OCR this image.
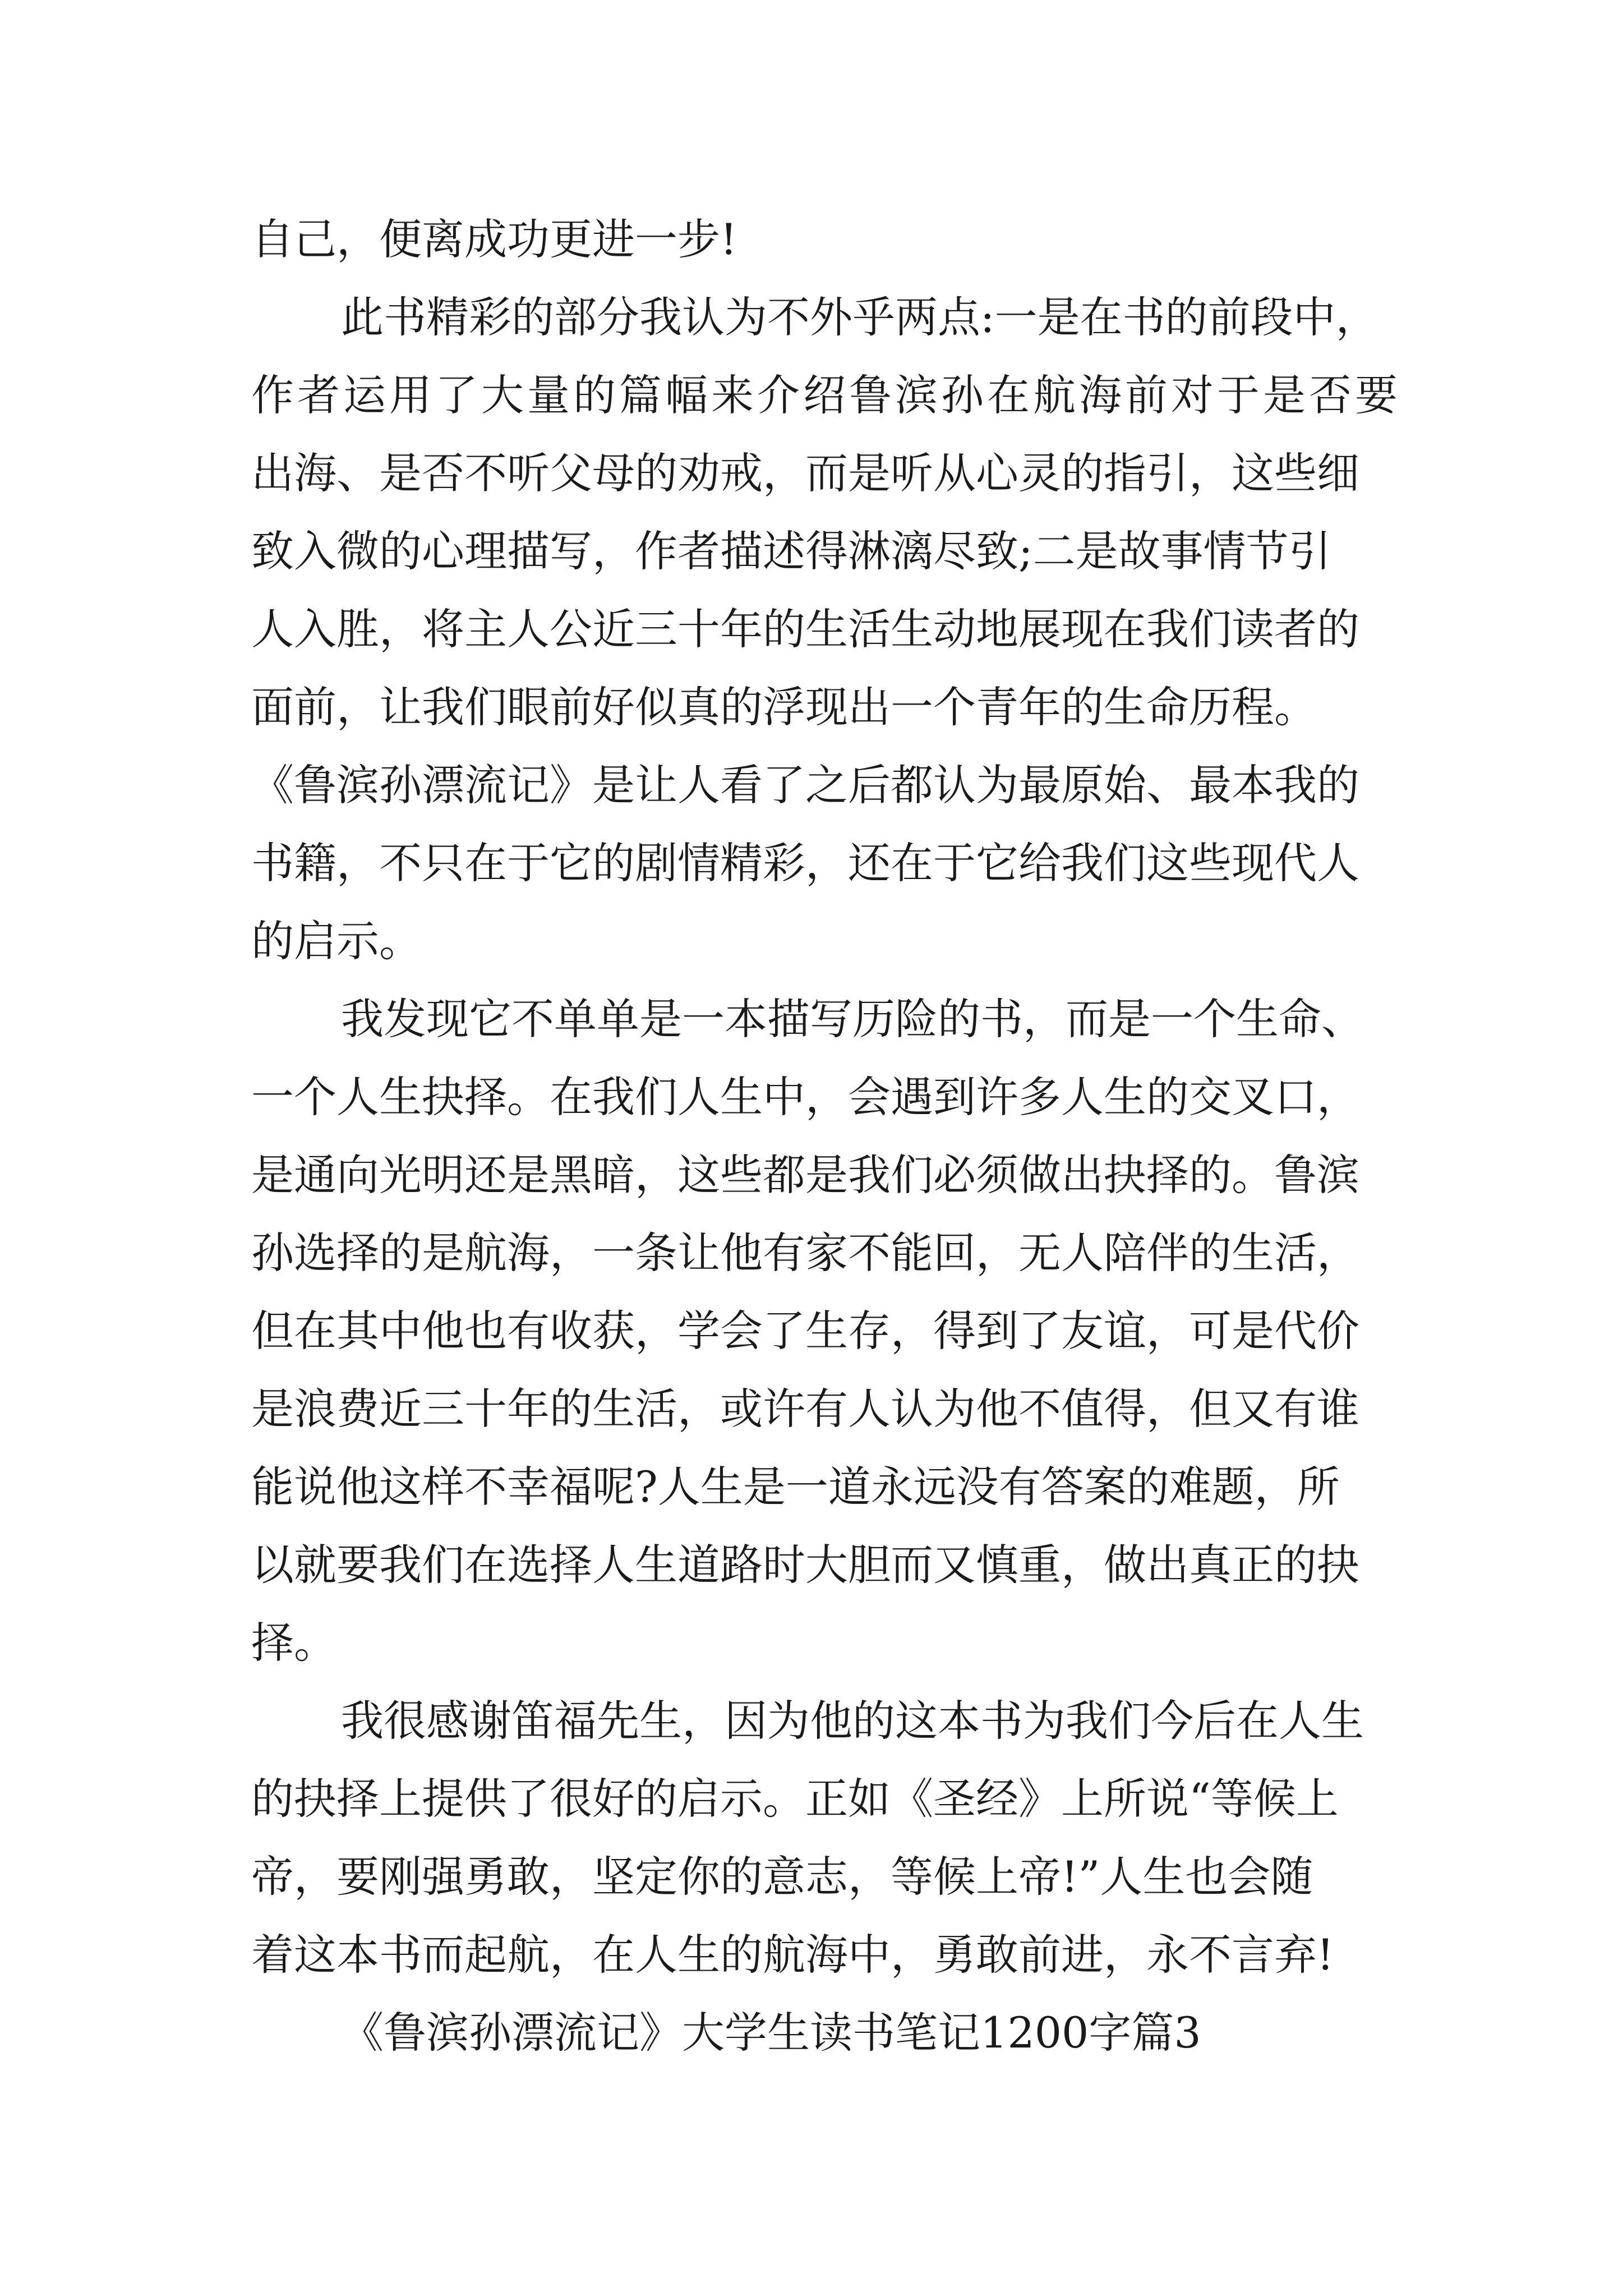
自己，便离成功更进一步!

此书精彩的部分我认为不外乎两点:一是在书的前段中，

作者运用了大量的篇幅来介绍鲁滨孙在航海前对于是否要

出海、是否不听父母的劝戒，而是听从心灵的指引，这些细

致入微的心理描写，作者描述得淋漓尽致;二是故事情节引

人入胜，将主人公近三十年的生活生动地展现在我们读者的

面前，让我们眼前好似真的浮现出一个青年的生命历程。

《鲁滨孙漂流记》是让人看了之后都认为最原始、最本我的

书籍，不只在于它的剧情精彩，还在于它给我们这些现代人

的启示。

我发现它不单单是一本描写历险的书，而是一个生命、

一个人生抉择。在我们人生中，会遇到许多人生的交叉口，

是通向光明还是黑暗，这些都是我们必须做出抉择的。鲁滨

孙选择的是航海，一条让他有家不能回，无人陪伴的生活，

但在其中他也有收获，学会了生存，得到了友谊，可是代价

是浪费近三十年的生活，或许有人认为他不值得，但又有谁

能说他这样不幸福呢?人生是一道永远没有答案的难题，所

以就要我们在选择人生道路时大胆而又慎重，做出真正的抉

择。

我很感谢笛福先生，因为他的这本书为我们今后在人生

的抉择上提供了很好的启示。正如《圣经》上所说“等候上

帝，要刚强勇敢，坚定你的意志，等候上帝!”人生也会随

着这本书而起航，在人生的航海中，勇敢前进，永不言弃!

《鲁滨孙漂流记》大学生读书笔记1200字篇3
